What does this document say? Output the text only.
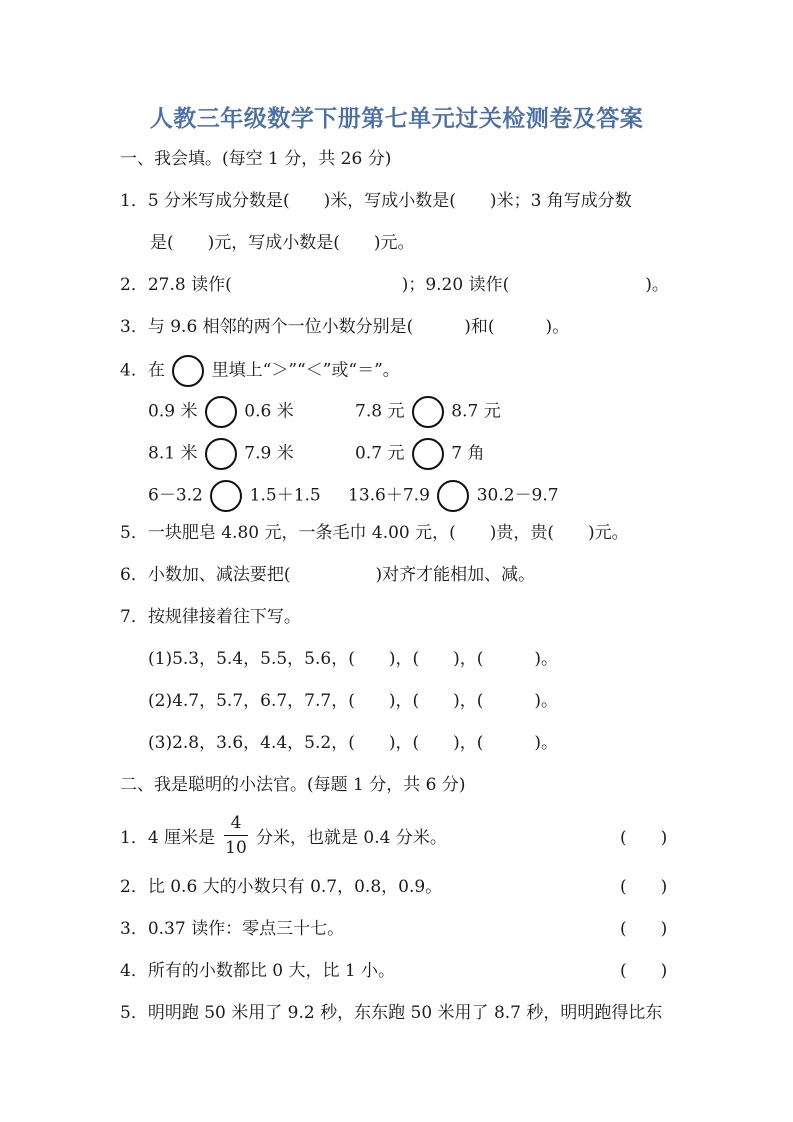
人教三年级数学下册第七单元过关检测卷及答案
一、我会填。(每空 1 分，共 26 分)
1．5 分米写成分数是(　　)米，写成小数是(　　)米；3 角写成分数
是(　　)元，写成小数是(　　)元。
2．27.8 读作(　　　　　　　　　　)；9.20 读作(　　　　　　　　)。
3．与 9.6 相邻的两个一位小数分别是(　　　)和(　　　)。
4．在	里填上“＞”“＜”或“＝”。
0.9 米	0.6 米	7.8 元	8.7 元
8.1 米	7.9 米	0.7 元	7 角
6－3.2	1.5＋1.5 13.6＋7.9	30.2－9.7
5．一块肥皂 4.80 元，一条毛巾 4.00 元，(　　)贵，贵(　　)元。
6．小数加、减法要把(　　　　　)对齐才能相加、减。
7．按规律接着往下写。
(1)5.3，5.4，5.5，5.6，(　　)，(　　)，(　　　)。
(2)4.7，5.7，6.7，7.7，(　　)，(　　)，(　　　)。
(3)2.8，3.6，4.4，5.2，(　　)，(　　)，(　　　)。
二、我是聪明的小法官。(每题 1 分，共 6 分)
1．4 厘米是
4
10 分米，也就是 0.4 分米。	(　　)
2．比 0.6 大的小数只有 0.7，0.8，0.9。	(　　)
3．0.37 读作：零点三十七。	(　　)
4．所有的小数都比 0 大，比 1 小。	(　　)
5．明明跑 50 米用了 9.2 秒，东东跑 50 米用了 8.7 秒，明明跑得比东
